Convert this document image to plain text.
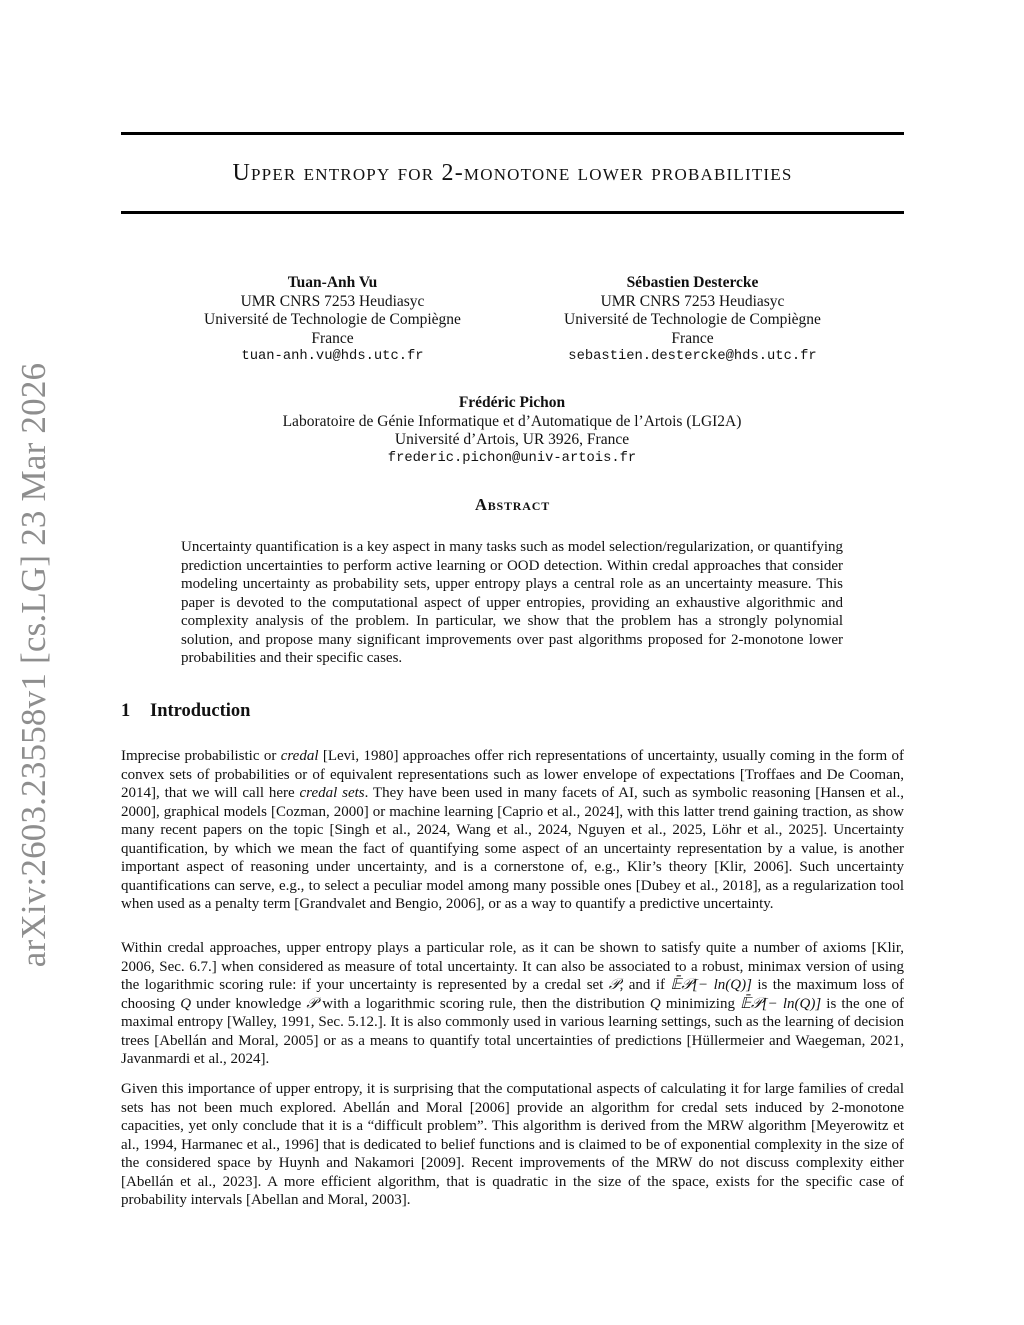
arXiv:2603.23558v1 [cs.LG] 23 Mar 2026
Upper entropy for 2-monotone lower probabilities
Tuan-Anh Vu
UMR CNRS 7253 Heudiasyc
Université de Technologie de Compiègne
France
tuan-anh.vu@hds.utc.fr
Sébastien Destercke
UMR CNRS 7253 Heudiasyc
Université de Technologie de Compiègne
France
sebastien.destercke@hds.utc.fr
Frédéric Pichon
Laboratoire de Génie Informatique et d’Automatique de l’Artois (LGI2A)
Université d’Artois, UR 3926, France
frederic.pichon@univ-artois.fr
Abstract

Uncertainty quantification is a key aspect in many tasks such as model selection/regularization, or quantifying prediction uncertainties to perform active learning or OOD detection. Within credal approaches that consider modeling uncertainty as probability sets, upper entropy plays a central role as an uncertainty measure. This paper is devoted to the computational aspect of upper entropies, providing an exhaustive algorithmic and complexity analysis of the problem. In particular, we show that the problem has a strongly polynomial solution, and propose many significant improvements over past algorithms proposed for 2-monotone lower probabilities and their specific cases.

1 Introduction

Imprecise probabilistic or credal [Levi, 1980] approaches offer rich representations of uncertainty, usually coming in the form of convex sets of probabilities or of equivalent representations such as lower envelope of expectations [Troffaes and De Cooman, 2014], that we will call here credal sets. They have been used in many facets of AI, such as symbolic reasoning [Hansen et al., 2000], graphical models [Cozman, 2000] or machine learning [Caprio et al., 2024], with this latter trend gaining traction, as show many recent papers on the topic [Singh et al., 2024, Wang et al., 2024, Nguyen et al., 2025, Löhr et al., 2025]. Uncertainty quantification, by which we mean the fact of quantifying some aspect of an uncertainty representation by a value, is another important aspect of reasoning under uncertainty, and is a cornerstone of, e.g., Klir’s theory [Klir, 2006]. Such uncertainty quantifications can serve, e.g., to select a peculiar model among many possible ones [Dubey et al., 2018], as a regularization tool when used as a penalty term [Grandvalet and Bengio, 2006], or as a way to quantify a predictive uncertainty.

Within credal approaches, upper entropy plays a particular role, as it can be shown to satisfy quite a number of axioms [Klir, 2006, Sec. 6.7.] when considered as measure of total uncertainty. It can also be associated to a robust, minimax version of using the logarithmic scoring rule: if your uncertainty is represented by a credal set 𝒫, and if 𝔼̄𝒫[− ln(Q)] is the maximum loss of choosing Q under knowledge 𝒫 with a logarithmic scoring rule, then the distribution Q minimizing 𝔼̄𝒫[− ln(Q)] is the one of maximal entropy [Walley, 1991, Sec. 5.12.]. It is also commonly used in various learning settings, such as the learning of decision trees [Abellán and Moral, 2005] or as a means to quantify total uncertainties of predictions [Hüllermeier and Waegeman, 2021, Javanmardi et al., 2024].

Given this importance of upper entropy, it is surprising that the computational aspects of calculating it for large families of credal sets has not been much explored. Abellán and Moral [2006] provide an algorithm for credal sets induced by 2-monotone capacities, yet only conclude that it is a “difficult problem”. This algorithm is derived from the MRW algorithm [Meyerowitz et al., 1994, Harmanec et al., 1996] that is dedicated to belief functions and is claimed to be of exponential complexity in the size of the considered space by Huynh and Nakamori [2009]. Recent improvements of the MRW do not discuss complexity either [Abellán et al., 2023]. A more efficient algorithm, that is quadratic in the size of the space, exists for the specific case of probability intervals [Abellan and Moral, 2003].
